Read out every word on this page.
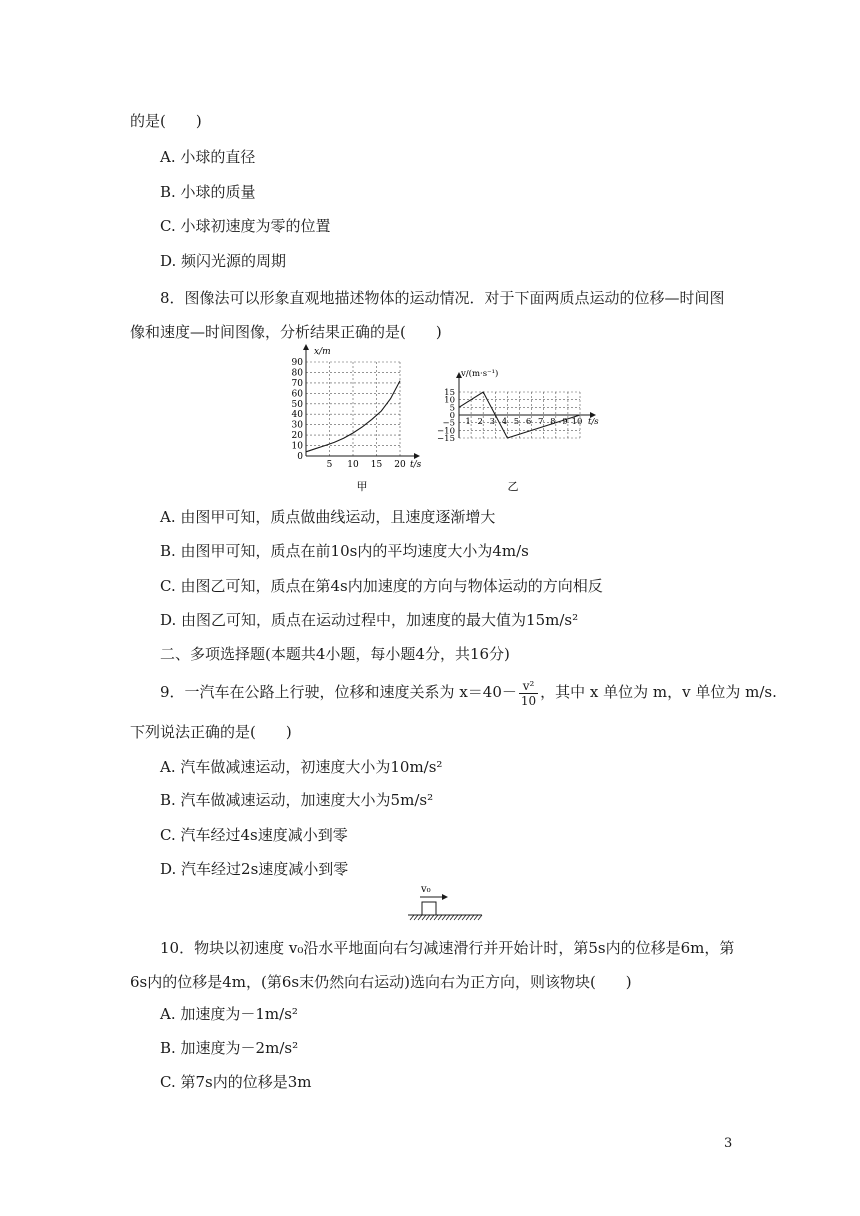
的是(　　)
A. 小球的直径
B. 小球的质量
C. 小球初速度为零的位置
D. 频闪光源的周期
8．图像法可以形象直观地描述物体的运动情况．对于下面两质点运动的位移—时间图
像和速度—时间图像，分析结果正确的是(　　)
0
10
20
30
40
50
60
70
80
90
5 10 15 20
x/m
t/s
甲
15
10
5
0
−5
−10
−15
1 2 3 4 5 6 7 8 9 10
v/(m·s⁻¹)
t/s
乙
A. 由图甲可知，质点做曲线运动，且速度逐渐增大
B. 由图甲可知，质点在前10s内的平均速度大小为4m/s
C. 由图乙可知，质点在第4s内加速度的方向与物体运动的方向相反
D. 由图乙可知，质点在运动过程中，加速度的最大值为15m/s²
二、多项选择题(本题共4小题，每小题4分，共16分)
9．一汽车在公路上行驶，位移和速度关系为 $x=40- \frac{\text{v²}}{10}$ ，其中 x 单位为 m，v 单位为 m/s.
下列说法正确的是(　　)
A. 汽车做减速运动，初速度大小为10m/s²
B. 汽车做减速运动，加速度大小为5m/s²
C. 汽车经过4s速度减小到零
D. 汽车经过2s速度减小到零
v₀
10．物块以初速度 v₀沿水平地面向右匀减速滑行并开始计时，第5s内的位移是6m，第
6s内的位移是4m，(第6s末仍然向右运动)选向右为正方向，则该物块(　　)
A. 加速度为－1m/s²
B. 加速度为－2m/s²
C. 第7s内的位移是3m
3
